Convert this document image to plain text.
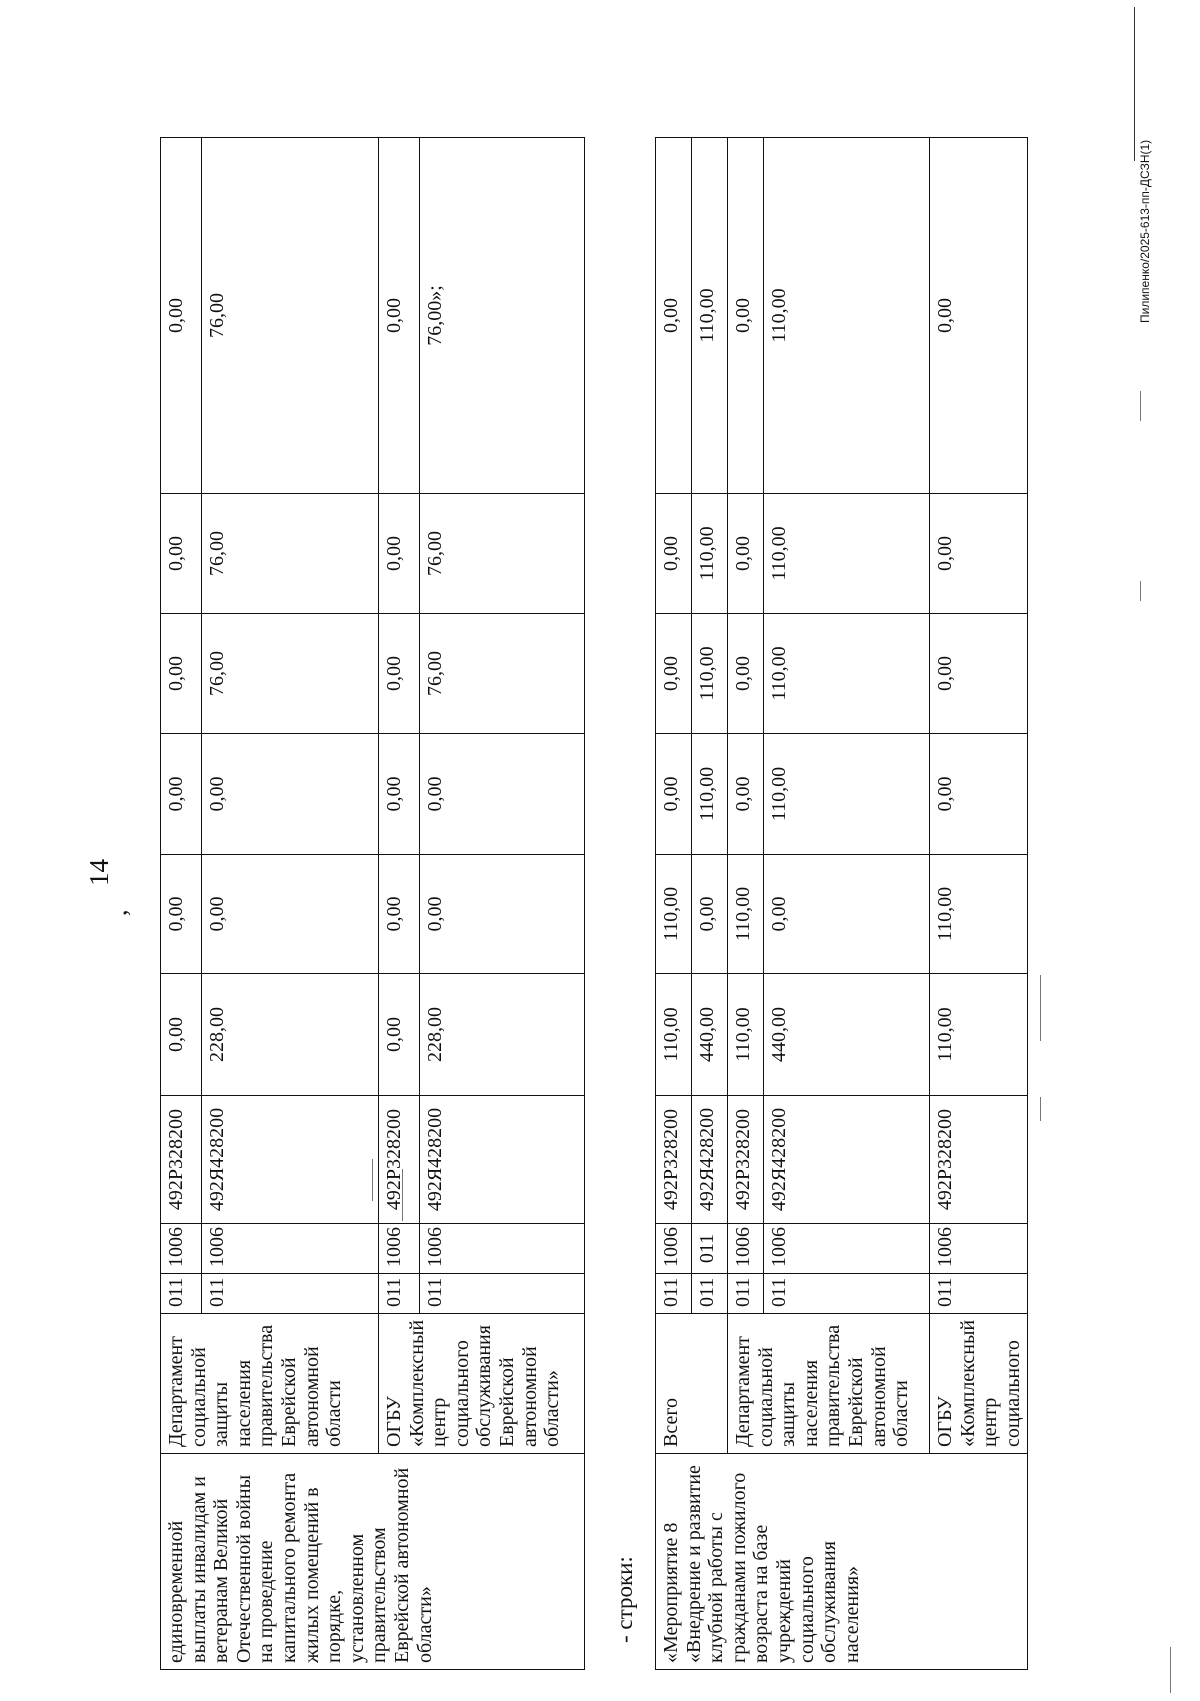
,
14
единовременной выплаты инвалидам и ветеранам Великой Отечественной войны на проведение капитального ремонта жилых помещений в порядке, установленном правительством Еврейской автономной области»	Департамент социальной защиты населения правительства Еврейской автономной области	011	1006	492Р328200	0,00	0,00	0,00	0,00	0,00	0,00
		011	1006	492Я428200	228,00	0,00	0,00	76,00	76,00	76,00
	ОГБУ «Комплексный центр социального обслуживания Еврейской автономной области»	011	1006	492Р328200	0,00	0,00	0,00	0,00	0,00	0,00
		011	1006	492Я428200	228,00	0,00	0,00	76,00	76,00	76,00»;
- строки: «Мероприятие 8 «Внедрение и развитие клубной работы с гражданами пожилого возраста на базе учреждений социального обслуживания населения»	Всего	011	1006	492Р328200	110,00	110,00	0,00	0,00	0,00	0,00
		011	011	492Я428200	440,00	0,00	110,00	110,00	110,00	110,00
	Департамент социальной защиты населения правительства Еврейской автономной области	011	1006	492Р328200	110,00	110,00	0,00	0,00	0,00	0,00
		011	1006	492Я428200	440,00	0,00	110,00	110,00	110,00	110,00
	ОГБУ «Комплексный центр социального	011	1006	492Р328200	110,00	110,00	0,00	0,00	0,00	0,00	Пилипенко/2025-613-пп-ДСЗН(1)
